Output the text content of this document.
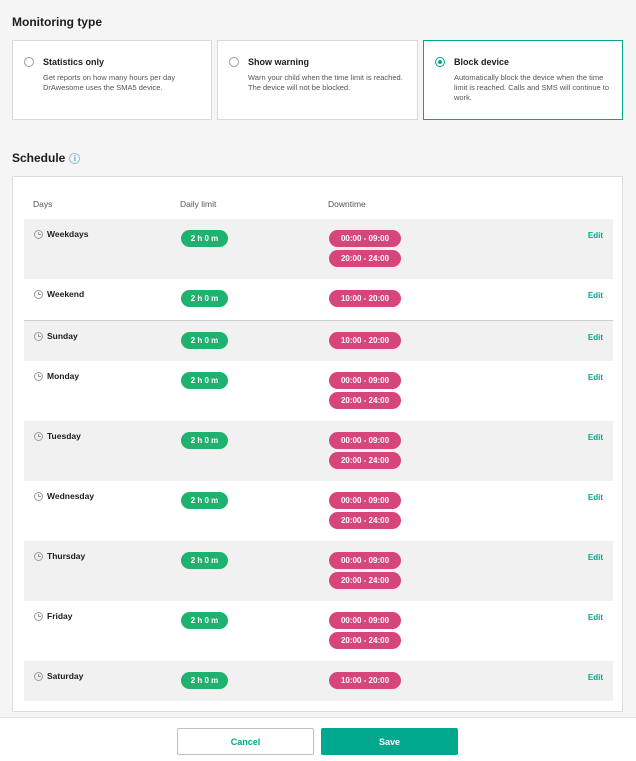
Monitoring type
Statistics only
Get reports on how many hours per day DrAwesome uses the SMA5 device.
Show warning
Warn your child when the time limit is reached. The device will not be blocked.
Block device
Automatically block the device when the time limit is reached. Calls and SMS will continue to work.
Schedule	i
Days	Daily limit	Downtime
Weekdays	2 h 0 m	00:00 - 09:00
20:00 - 24:00
Edit
Weekend	2 h 0 m	10:00 - 20:00	Edit
Sunday	2 h 0 m	10:00 - 20:00	Edit
Monday	2 h 0 m	00:00 - 09:00
20:00 - 24:00
Edit
Tuesday	2 h 0 m	00:00 - 09:00
20:00 - 24:00
Edit
Wednesday	2 h 0 m	00:00 - 09:00
20:00 - 24:00
Edit
Thursday	2 h 0 m	00:00 - 09:00
20:00 - 24:00
Edit
Friday	2 h 0 m	00:00 - 09:00
20:00 - 24:00
Edit
Saturday	2 h 0 m	10:00 - 20:00	Edit
Cancel	Save
